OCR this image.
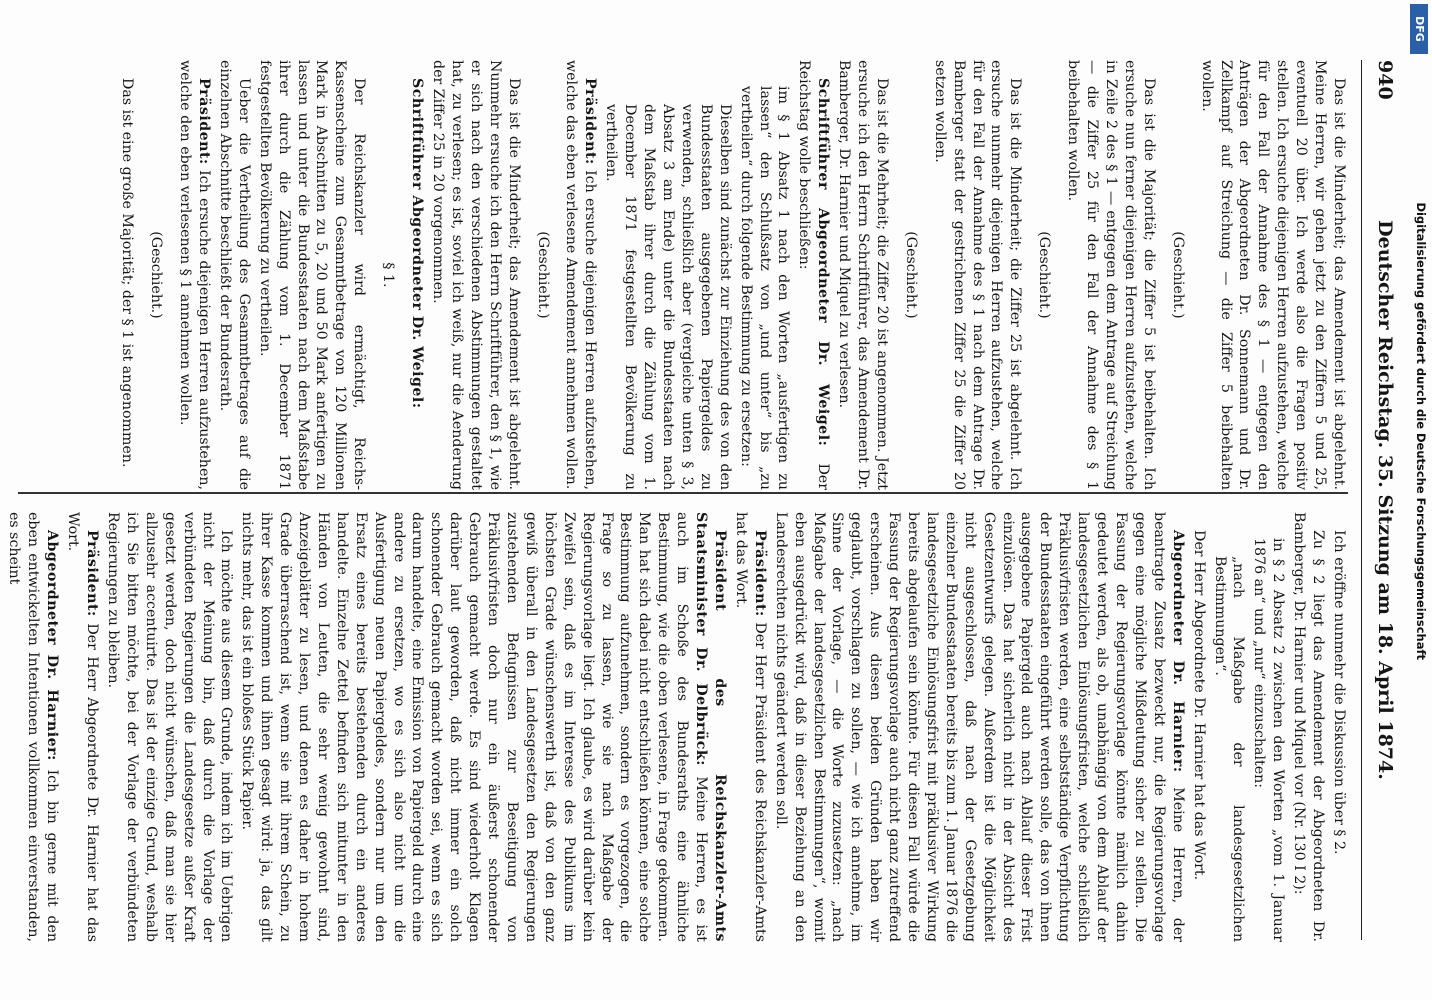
940
Deutscher Reichstag. 35. Sitzung am 18. April 1874.

Das ist die Minderheit; das Amendement ist abgelehnt. Meine Herren, wir gehen jetzt zu den Ziffern 5 und 25, eventuell 20 über. Ich werde also die Fragen positiv stellen. Ich ersuche diejenigen Herren aufzustehen, welche für den Fall der Annahme des § 1 — entgegen den Anträgen der Abgeordneten Dr. Sonnemann und Dr. Zellkampf auf Streichung — die Ziffer 5 beibehalten wollen.

(Geschieht.)

Das ist die Majorität; die Ziffer 5 ist beibehalten. Ich ersuche nun ferner diejenigen Herren aufzustehen, welche in Zeile 2 des § 1 — entgegen dem Antrage auf Streichung — die Ziffer 25 für den Fall der Annahme des § 1 beibehalten wollen.

(Geschieht.)

Das ist die Minderheit; die Ziffer 25 ist abgelehnt. Ich ersuche nunmehr diejenigen Herren aufzustehen, welche für den Fall der Annahme des § 1 nach dem Antrage Dr. Bamberger statt der gestrichenen Ziffer 25 die Ziffer 20 setzen wollen.

(Geschieht.)

Das ist die Mehrheit; die Ziffer 20 ist angenommen. Jetzt ersuche ich den Herrn Schriftführer, das Amendement Dr. Bamberger, Dr. Harnier und Miquel zu verlesen.

Schriftführer Abgeordneter Dr. Weigel: Der Reichstag wolle beschließen:

im § 1 Absatz 1 nach den Worten „ausfertigen zu lassen“ den Schlußsatz von „und unter“ bis „zu vertheilen“ durch folgende Bestimmung zu ersetzen:

Dieselben sind zunächst zur Einziehung des von den Bundesstaaten ausgegebenen Papiergeldes zu verwenden, schließlich aber (vergleiche unten § 3, Absatz 3 am Ende) unter die Bundesstaaten nach dem Maßstab ihrer durch die Zählung vom 1. December 1871 festgestellten Bevölkerung zu vertheilen.

Präsident: Ich ersuche diejenigen Herren aufzustehen, welche das eben verlesene Amendement annehmen wollen.

(Geschieht.)

Das ist die Minderheit; das Amendement ist abgelehnt. Nunmehr ersuche ich den Herrn Schriftführer, den § 1, wie er sich nach den verschiedenen Abstimmungen gestaltet hat, zu verlesen; es ist, soviel ich weiß, nur die Aenderung der Ziffer 25 in 20 vorgenommen.

Schriftführer Abgeordneter Dr. Weigel:

§ 1.

Der Reichskanzler wird ermächtigt, Reichs-Kassenscheine zum Gesammtbetrage von 120 Millionen Mark in Abschnitten zu 5, 20 und 50 Mark anfertigen zu lassen und unter die Bundesstaaten nach dem Maßstabe ihrer durch die Zählung vom 1. December 1871 festgestellten Bevölkerung zu vertheilen.

Ueber die Vertheilung des Gesammtbetrages auf die einzelnen Abschnitte beschließt der Bundesrath.

Präsident: Ich ersuche diejenigen Herren aufzustehen, welche den eben verlesenen § 1 annehmen wollen.

(Geschieht.)

Das ist eine große Majorität; der § 1 ist angenommen.

Ich eröffne nunmehr die Diskussion über § 2.

Zu § 2 liegt das Amendement der Abgeordneten Dr. Bamberger, Dr. Harnier und Miquel vor (Nr. 130 I 2):

in § 2 Absatz 2 zwischen den Worten „vom 1. Januar 1876 an“ und „nur“ einzuschalten:

„nach Maßgabe der landesgesetzlichen Bestimmungen“.

Der Herr Abgeordnete Dr. Harnier hat das Wort.

Abgeordneter Dr. Harnier: Meine Herren, der beantragte Zusatz bezweckt nur, die Regierungsvorlage gegen eine mögliche Mißdeutung sicher zu stellen. Die Fassung der Regierungsvorlage könnte nämlich dahin gedeutet werden, als ob, unabhängig von dem Ablauf der landesgesetzlichen Einlösungsfristen, welche schließlich Präklusivfristen werden, eine selbstständige Verpflichtung der Bundesstaaten eingeführt werden solle, das von ihnen ausgegebene Papiergeld auch nach Ablauf dieser Frist einzulösen. Das hat sicherlich nicht in der Absicht des Gesetzentwurfs gelegen. Außerdem ist die Möglichkeit nicht ausgeschlossen, daß nach der Gesetzgebung einzelner Bundesstaaten bereits bis zum 1. Januar 1876 die landesgesetzliche Einlösungsfrist mit präklusiver Wirkung bereits abgelaufen sein könnte. Für diesen Fall würde die Fassung der Regierungsvorlage auch nicht ganz zutreffend erscheinen. Aus diesen beiden Gründen haben wir geglaubt, vorschlagen zu sollen, — wie ich annehme, im Sinne der Vorlage, — die Worte zuzusetzen: „nach Maßgabe der landesgesetzlichen Bestimmungen“, womit eben ausgedrückt wird, daß in dieser Beziehung an den Landesrechten nichts geändert werden soll.

Präsident: Der Herr Präsident des Reichskanzler-Amts hat das Wort.

Präsident des Reichskanzler-Amts Staatsminister Dr. Delbrück: Meine Herren, es ist auch im Schoße des Bundesraths eine ähnliche Bestimmung, wie die oben verlesene, in Frage gekommen. Man hat sich dabei nicht entschließen können, eine solche Bestimmung aufzunehmen, sondern es vorgezogen, die Frage so zu lassen, wie sie nach Maßgabe der Regierungsvorlage liegt. Ich glaube, es wird darüber kein Zweifel sein, daß es im Interesse des Publikums im höchsten Grade wünschenswerth ist, daß von den ganz gewiß überall in den Landesgesetzen den Regierungen zustehenden Befugnissen zur Beseitigung von Präklusivfristen doch nur ein äußerst schonender Gebrauch gemacht werde. Es sind wiederholt Klagen darüber laut geworden, daß nicht immer ein solch schonender Gebrauch gemacht worden sei, wenn es sich darum handelte, eine Emission von Papiergeld durch eine andere zu ersetzen, wo es sich also nicht um die Ausfertigung neuen Papiergeldes, sondern nur um den Ersatz eines bereits bestehenden durch ein anderes handelte. Einzelne Zettel befinden sich mitunter in den Händen von Leuten, die sehr wenig gewohnt sind, Anzeigeblätter zu lesen, und denen es daher in hohem Grade überraschend ist, wenn sie mit ihrem Schein, zu ihrer Kasse kommen und ihnen gesagt wird: ja, das gilt nichts mehr, das ist ein bloßes Stück Papier.

Ich möchte aus diesem Grunde, indem ich im Uebrigen nicht der Meinung bin, daß durch die Vorlage der verbündeten Regierungen die Landesgesetze außer Kraft gesetzt werden, doch nicht wünschen, daß man sie hier allzusehr accentuirte. Das ist der einzige Grund, weshalb ich Sie bitten möchte, bei der Vorlage der verbündeten Regierungen zu bleiben.

Präsident: Der Herr Abgeordnete Dr. Harnier hat das Wort.

Abgeordneter Dr. Harnier: Ich bin gerne mit den eben entwickelten Intentionen vollkommen einverstanden, es scheint

DFG
Digitalisierung gefördert durch die Deutsche Forschungsgemeinschaft
